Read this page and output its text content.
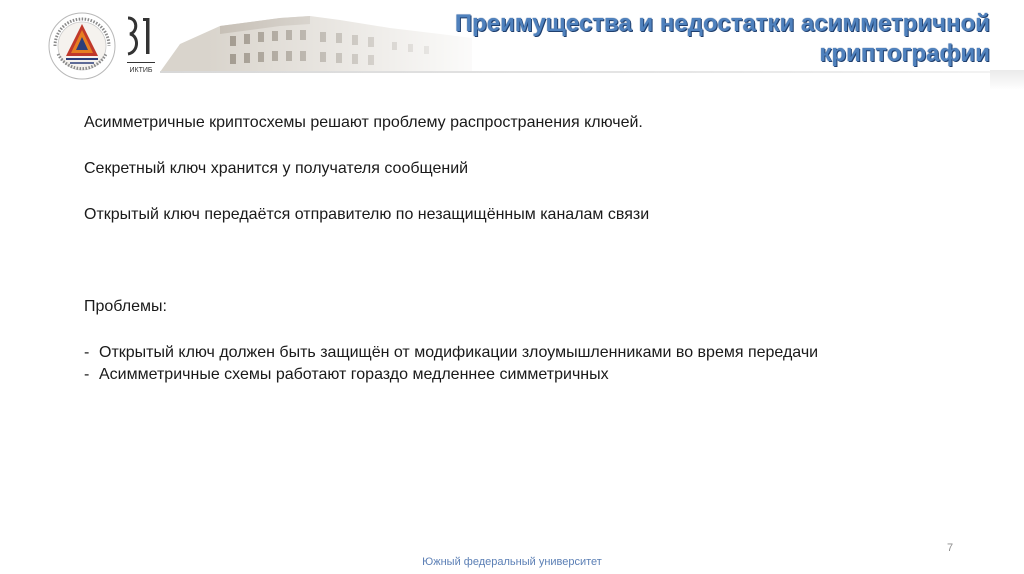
ИКТИБ
Преимущества и недостатки асимметричной
криптографии

Асимметричные криптосхемы решают проблему распространения ключей.

Секретный ключ хранится у получателя сообщений

Открытый ключ передаётся отправителю по незащищённым каналам связи

Проблемы:

- Открытый ключ должен быть защищён от модификации злоумышленниками во время передачи
- Асимметричные схемы работают гораздо медленнее симметричных
7
Южный федеральный университет
